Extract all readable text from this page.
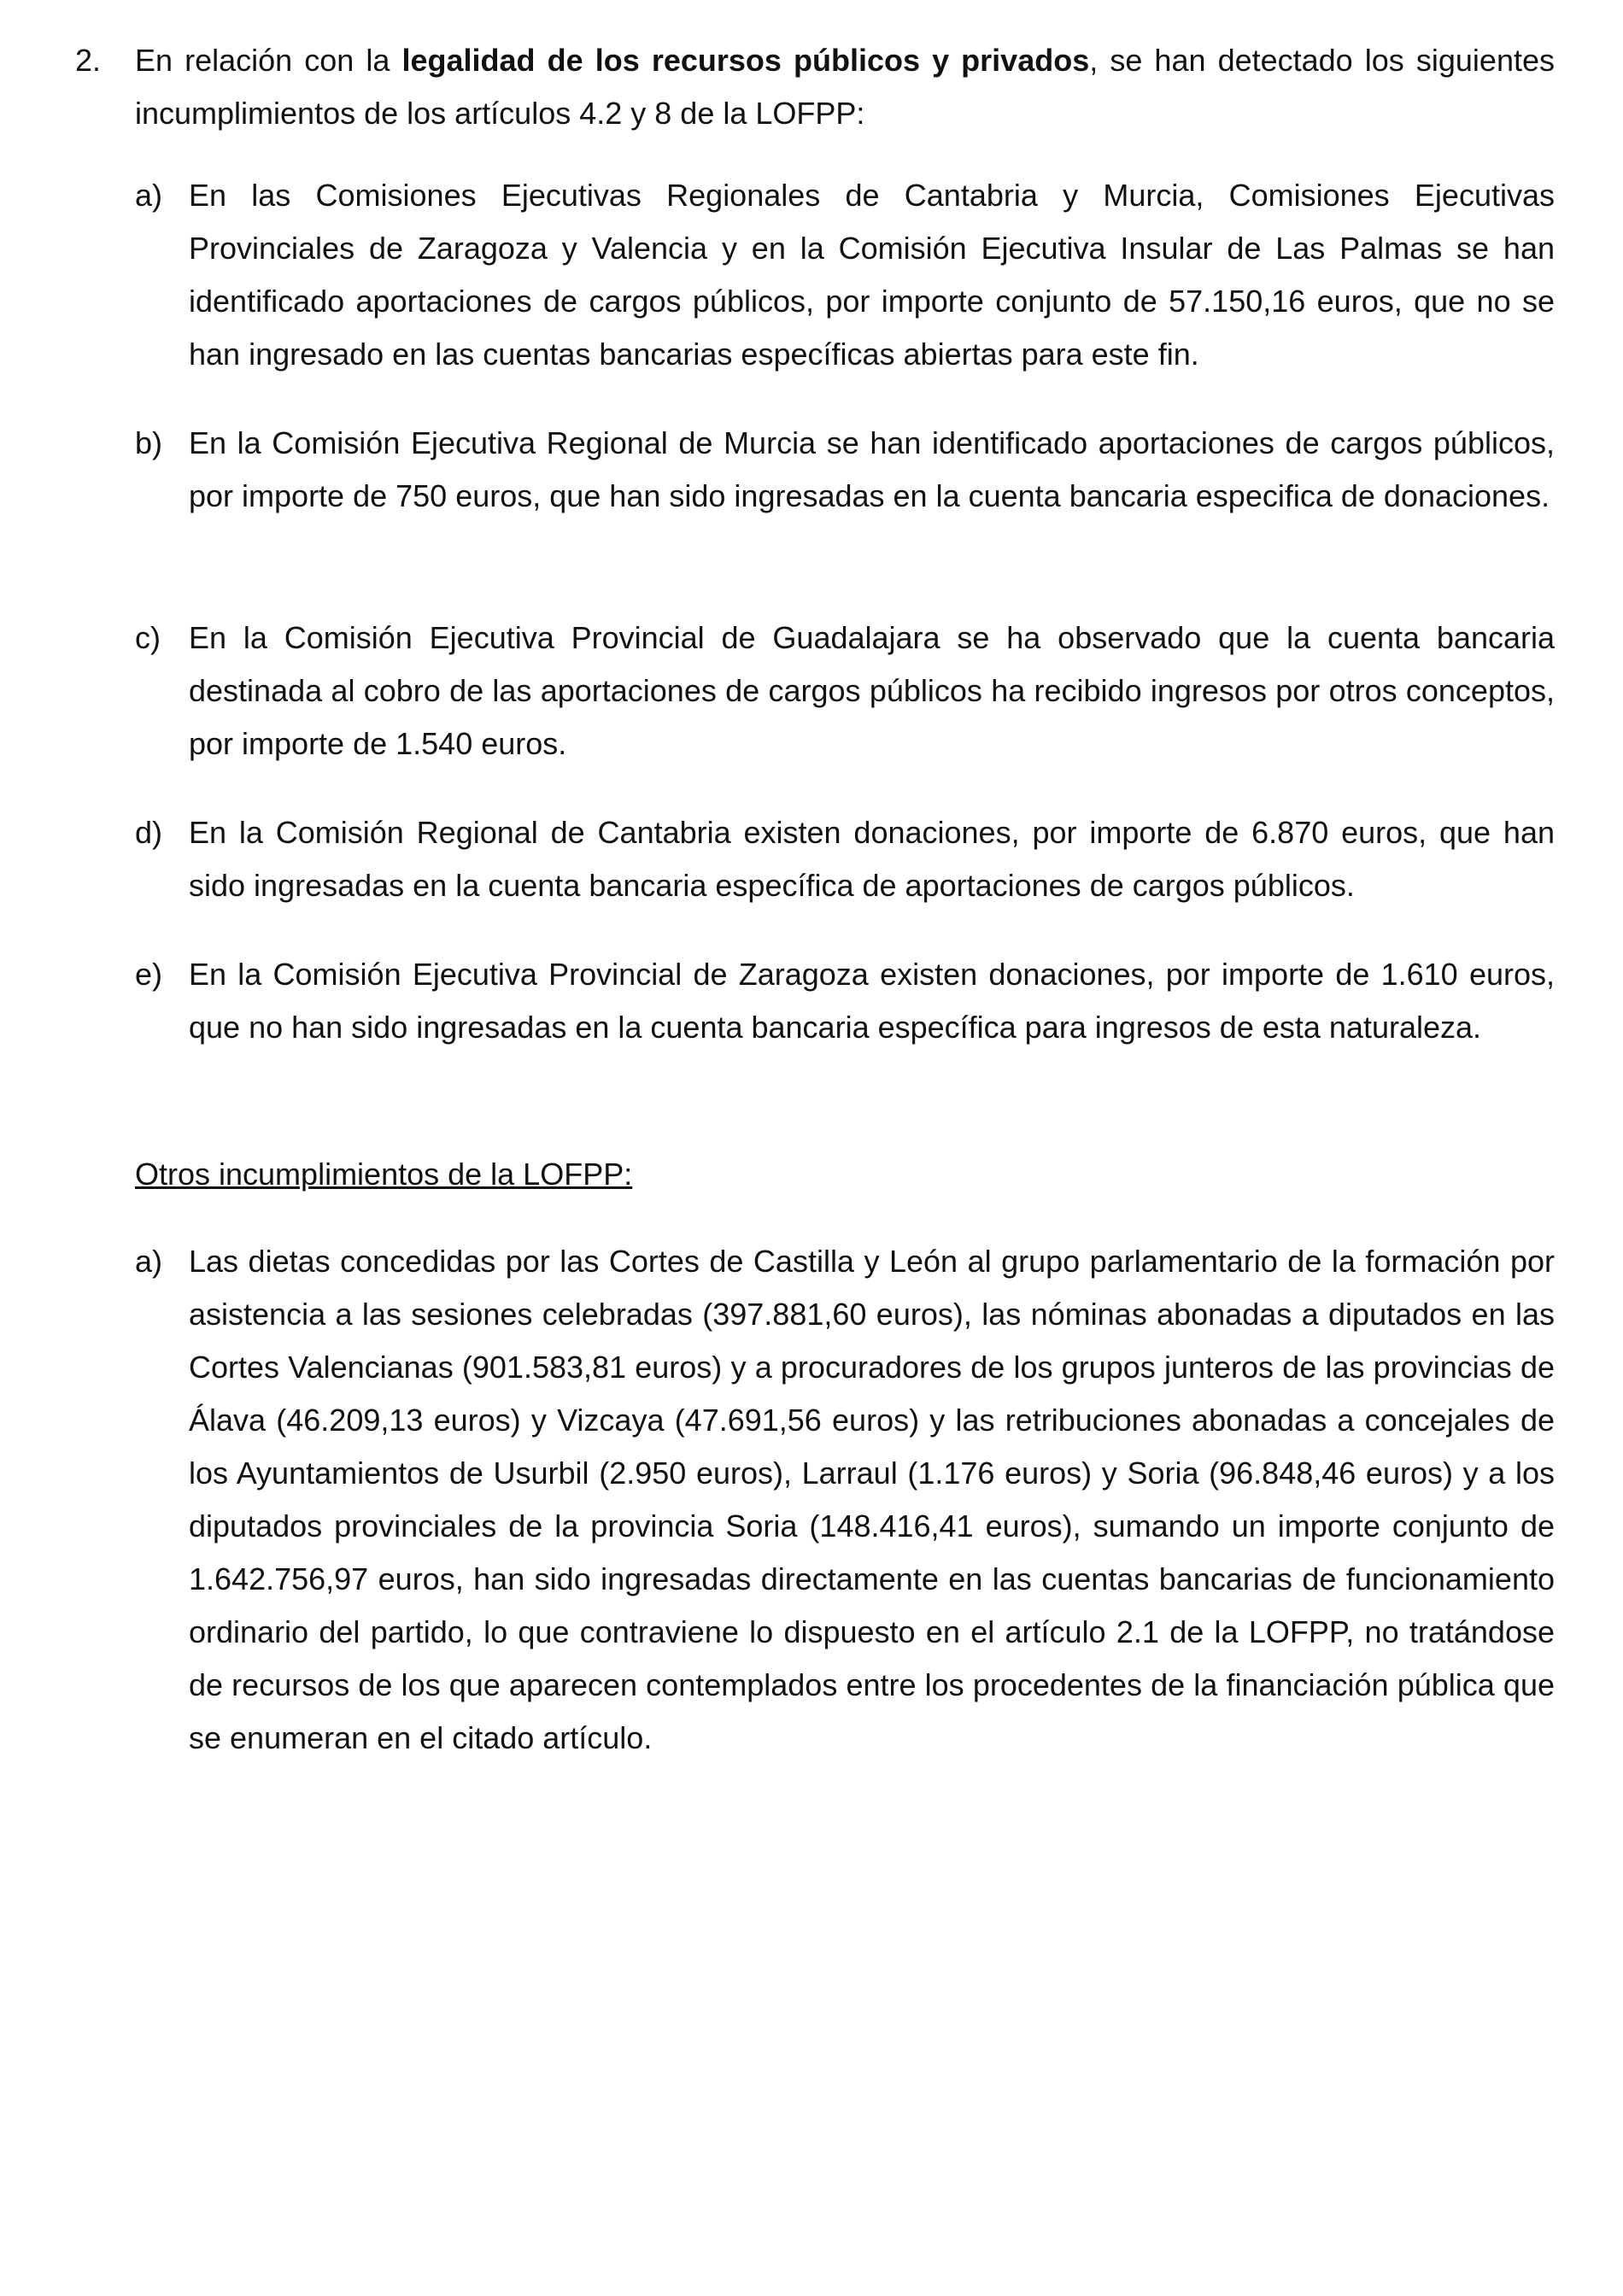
2. En relación con la legalidad de los recursos públicos y privados, se han detectado los siguientes incumplimientos de los artículos 4.2 y 8 de la LOFPP:
a) En las Comisiones Ejecutivas Regionales de Cantabria y Murcia, Comisiones Ejecutivas Provinciales de Zaragoza y Valencia y en la Comisión Ejecutiva Insular de Las Palmas se han identificado aportaciones de cargos públicos, por importe conjunto de 57.150,16 euros, que no se han ingresado en las cuentas bancarias específicas abiertas para este fin.
b) En la Comisión Ejecutiva Regional de Murcia se han identificado aportaciones de cargos públicos, por importe de 750 euros, que han sido ingresadas en la cuenta bancaria especifica de donaciones.
c) En la Comisión Ejecutiva Provincial de Guadalajara se ha observado que la cuenta bancaria destinada al cobro de las aportaciones de cargos públicos ha recibido ingresos por otros conceptos, por importe de 1.540 euros.
d) En la Comisión Regional de Cantabria existen donaciones, por importe de 6.870 euros, que han sido ingresadas en la cuenta bancaria específica de aportaciones de cargos públicos.
e) En la Comisión Ejecutiva Provincial de Zaragoza existen donaciones, por importe de 1.610 euros, que no han sido ingresadas en la cuenta bancaria específica para ingresos de esta naturaleza.
Otros incumplimientos de la LOFPP:
a) Las dietas concedidas por las Cortes de Castilla y León al grupo parlamentario de la formación por asistencia a las sesiones celebradas (397.881,60 euros), las nóminas abonadas a diputados en las Cortes Valencianas (901.583,81 euros) y a procuradores de los grupos junteros de las provincias de Álava (46.209,13 euros) y Vizcaya (47.691,56 euros) y las retribuciones abonadas a concejales de los Ayuntamientos de Usurbil (2.950 euros), Larraul (1.176 euros) y Soria (96.848,46 euros) y a los diputados provinciales de la provincia Soria (148.416,41 euros), sumando un importe conjunto de 1.642.756,97 euros, han sido ingresadas directamente en las cuentas bancarias de funcionamiento ordinario del partido, lo que contraviene lo dispuesto en el artículo 2.1 de la LOFPP, no tratándose de recursos de los que aparecen contemplados entre los procedentes de la financiación pública que se enumeran en el citado artículo.
